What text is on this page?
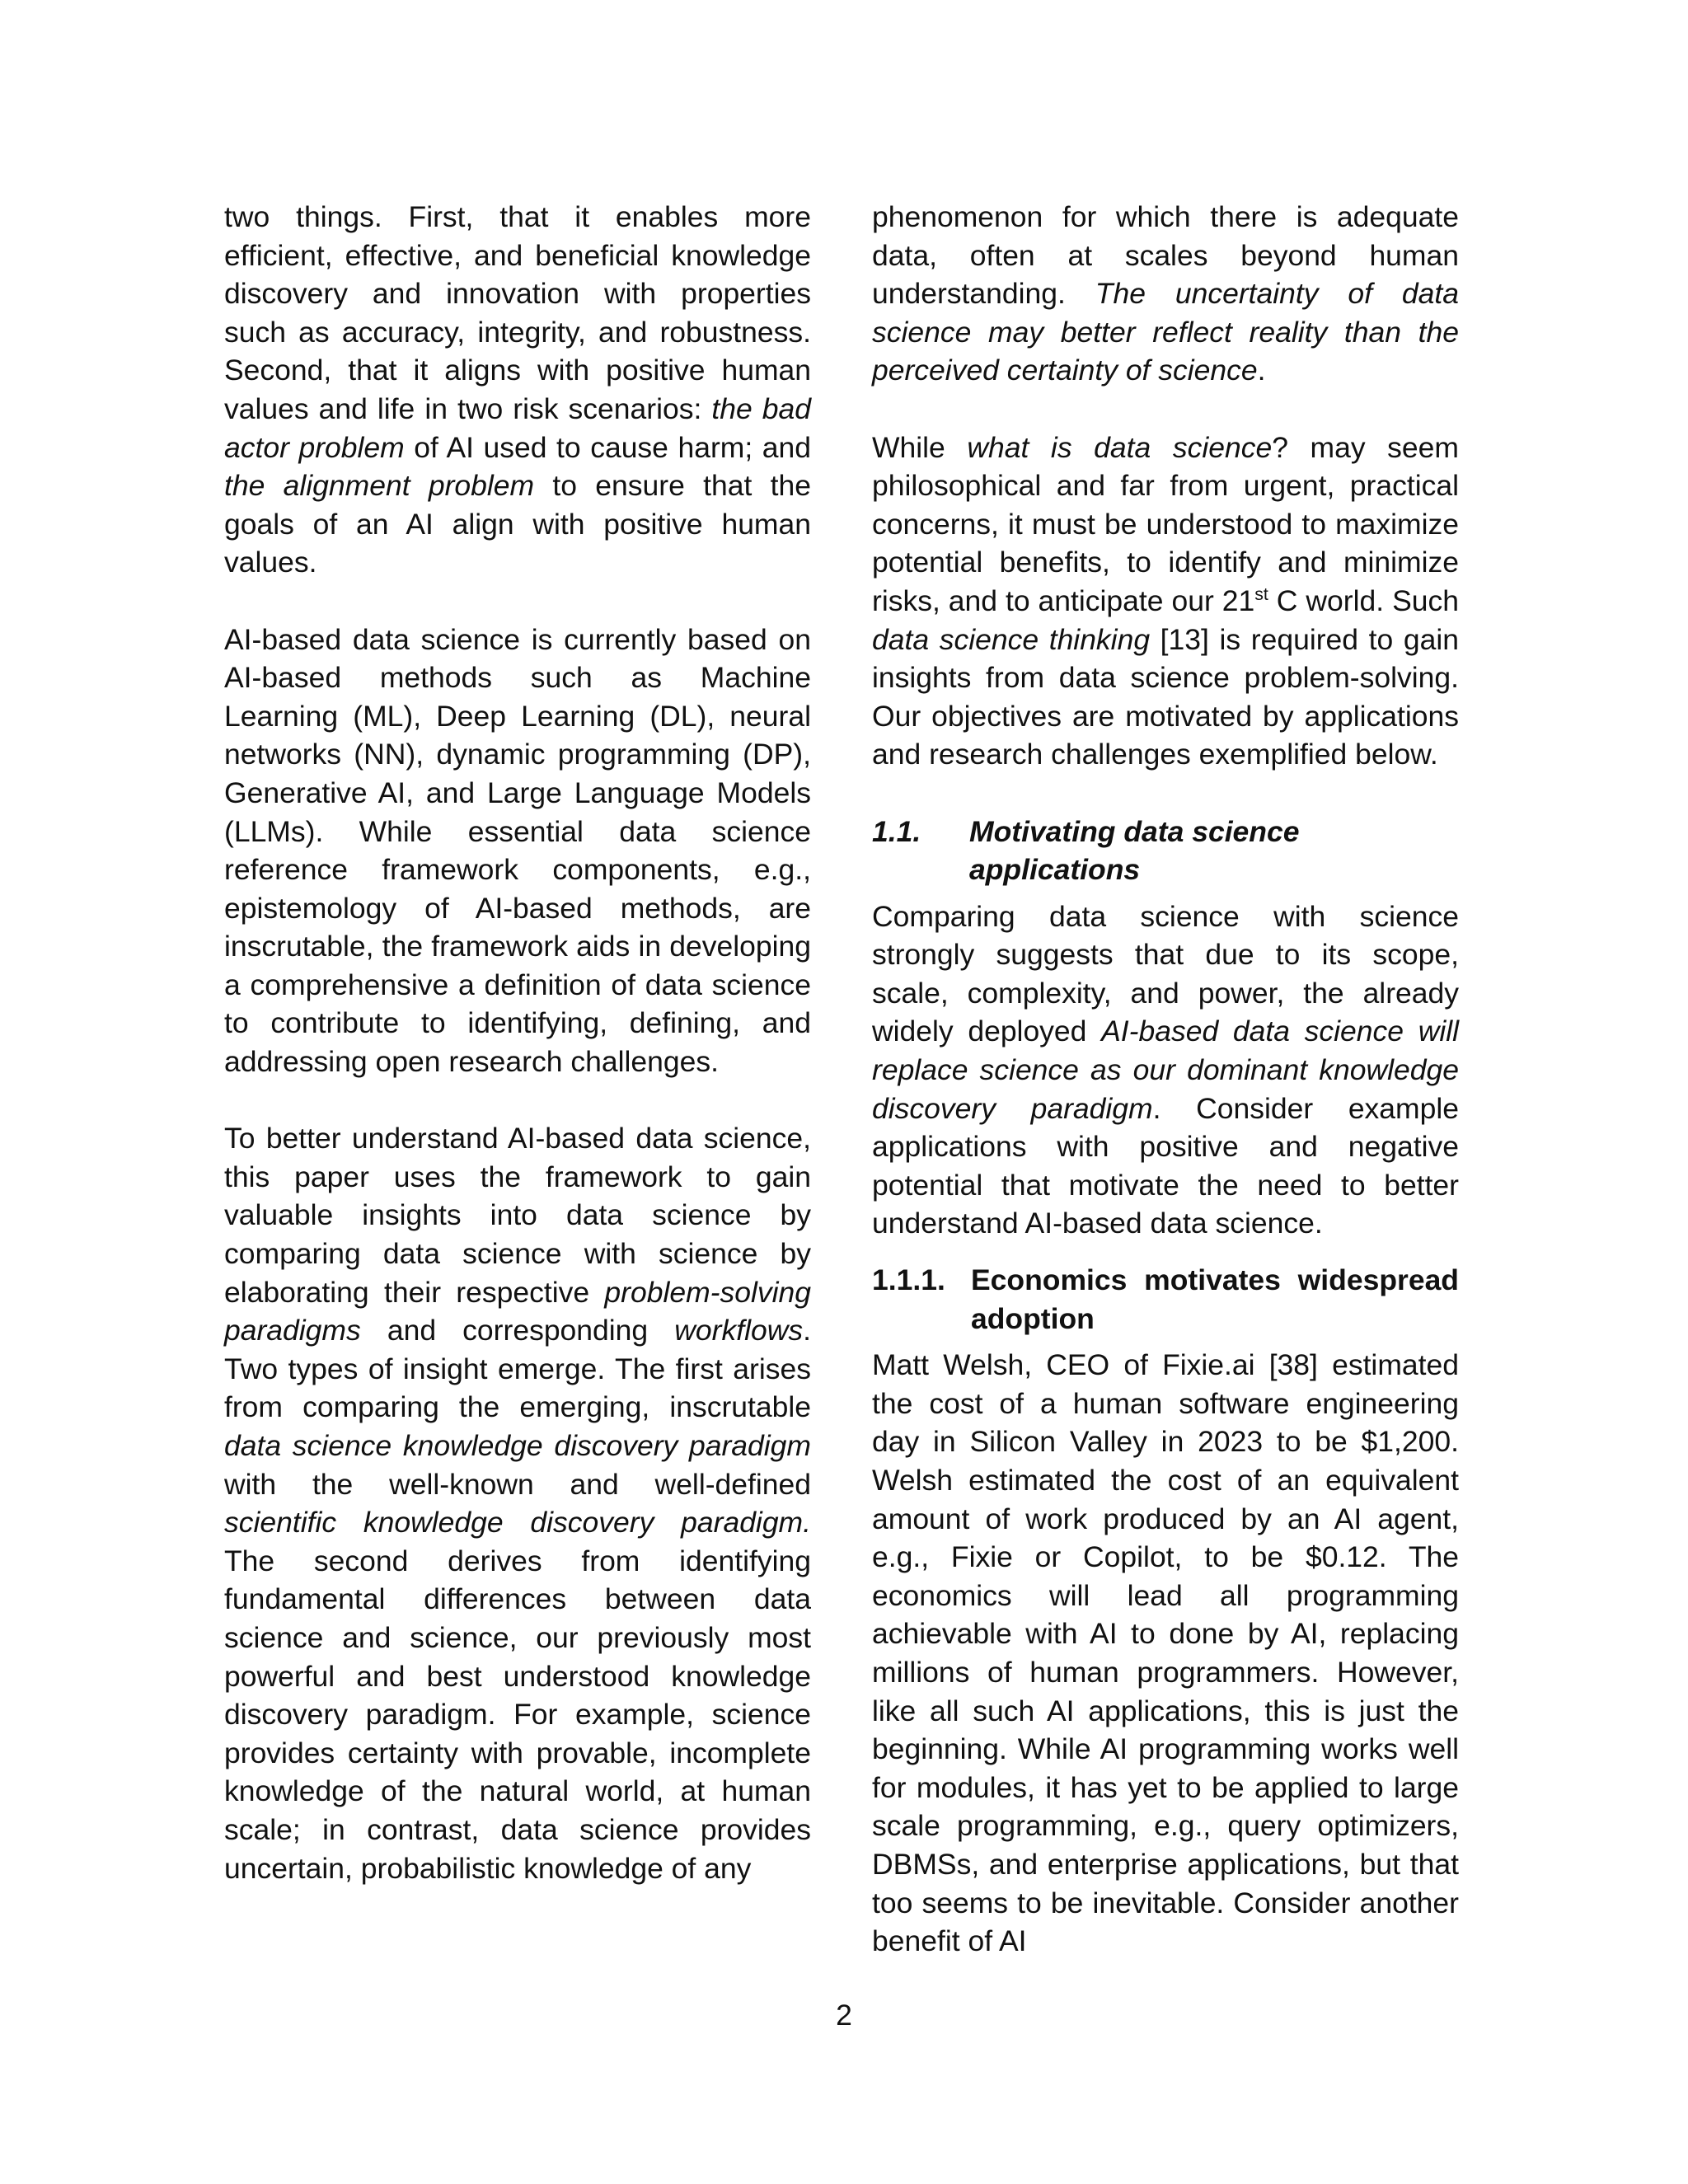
two things. First, that it enables more efficient, effective, and beneficial knowledge discovery and innovation with properties such as accuracy, integrity, and robustness. Second, that it aligns with positive human values and life in two risk scenarios: the bad actor problem of AI used to cause harm; and the alignment problem to ensure that the goals of an AI align with positive human values.

AI-based data science is currently based on AI-based methods such as Machine Learning (ML), Deep Learning (DL), neural networks (NN), dynamic programming (DP), Generative AI, and Large Language Models (LLMs). While essential data science reference framework components, e.g., epistemology of AI-based methods, are inscrutable, the framework aids in developing a comprehensive a definition of data science to contribute to identifying, defining, and addressing open research challenges.

To better understand AI-based data science, this paper uses the framework to gain valuable insights into data science by comparing data science with science by elaborating their respective problem-solving paradigms and corresponding workflows. Two types of insight emerge. The first arises from comparing the emerging, inscrutable data science knowledge discovery paradigm with the well-known and well-defined scientific knowledge discovery paradigm. The second derives from identifying fundamental differences between data science and science, our previously most powerful and best understood knowledge discovery paradigm. For example, science provides certainty with provable, incomplete knowledge of the natural world, at human scale; in contrast, data science provides uncertain, probabilistic knowledge of any

phenomenon for which there is adequate data, often at scales beyond human understanding. The uncertainty of data science may better reflect reality than the perceived certainty of science.

While what is data science? may seem philosophical and far from urgent, practical concerns, it must be understood to maximize potential benefits, to identify and minimize risks, and to anticipate our 21st C world. Such data science thinking [13] is required to gain insights from data science problem-solving. Our objectives are motivated by applications and research challenges exemplified below.

1.1.	Motivating data science applications

Comparing data science with science strongly suggests that due to its scope, scale, complexity, and power, the already widely deployed AI-based data science will replace science as our dominant knowledge discovery paradigm. Consider example applications with positive and negative potential that motivate the need to better understand AI-based data science.

1.1.1. Economics motivates widespread adoption

Matt Welsh, CEO of Fixie.ai [38] estimated the cost of a human software engineering day in Silicon Valley in 2023 to be $1,200. Welsh estimated the cost of an equivalent amount of work produced by an AI agent, e.g., Fixie or Copilot, to be $0.12. The economics will lead all programming achievable with AI to done by AI, replacing millions of human programmers. However, like all such AI applications, this is just the beginning. While AI programming works well for modules, it has yet to be applied to large scale programming, e.g., query optimizers, DBMSs, and enterprise applications, but that too seems to be inevitable. Consider another benefit of AI

2
